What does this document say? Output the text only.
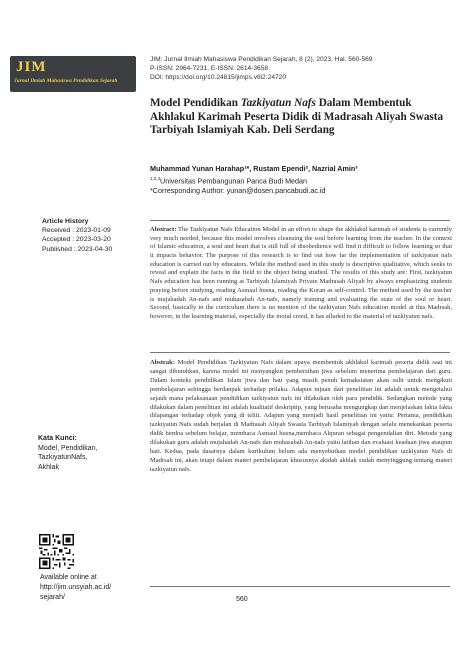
JIM
Jurnal Ilmiah Mahasiswa Pendidikan Sejarah
JIM: Jurnal Ilmiah Mahasiswa Pendidikan Sejarah, 8 (2), 2023, Hal. 560-569
P-ISSN: 2964-7231, E-ISSN: 2614-3658
DOI: https://doi.org/10.24815/jimps.v8i2.24720
Model Pendidikan Tazkiyatun Nafs Dalam Membentuk Akhlakul Karimah Peserta Didik di Madrasah Aliyah Swasta Tarbiyah Islamiyah Kab. Deli Serdang
Muhammad Yunan Harahap¹*, Rustam Ependi², Nazrial Amin³
$^{1,2,3}$Universitas Pembangunan Panca Budi Medan
*Corresponding Author: yunan@dosen.pancabudi.ac.id
Article History
Received : 2023-01-09
Accepted : 2023-03-20
Published : 2023-04-30
Abstract: The Tazkiyatun Nafs Education Model in an effort to shape the akhlakul karimah of students is currently very much needed, because this model involves cleansing the soul before learning from the teacher. In the context of Islamic education, a soul and heart that is still full of disobedience will find it difficult to follow learning so that it impacts behavior. The purpose of this research is to find out how far the implementation of tazkiyatun nafs education is carried out by educators. While the method used in this study is descriptive qualitative, which seeks to reveal and explain the facts in the field to the object being studied. The results of this study are: First, tazkiyatun Nafs education has been running at Tarbiyah Islamiyah Private Madrasah Aliyah by always emphasizing students praying before studying, reading Asmaul husna, reading the Koran as self-control. The method used by the teacher is mujahadah An-nafs and muhasabah An-nafs, namely training and evaluating the state of the soul or heart. Second, basically in the curriculum there is no mention of the tazkiyatun Nafs education model at this Madrsah, however, in the learning material, especially the moral creed, it has alluded to the material of tazkiyatun nafs.
Abstrak: Model Pendidikan Tazkiyatun Nafs dalam upaya membentuk akhlakul karimah peserta didik saat ini sangat dibutuhkan, karena model ini menyangkut pembersihan jiwa sebelum menerima pembelajaran dari guru. Dalam konteks pendidikan Islam jiwa dan hati yang masih penuh kemaksiatan akan sulit untuk mengikuti pembelajaran sehingga berdanpak terhadap prilaku. Adapun tujuan dari penelitian ini adalah untuk mengetahui sejauh mana pelaksanaan pendidikan tazkiyatun nafs ini dilakukan oleh para pendidik. Sedangkan metode yang dilakukan dalam penelitian ini adalah kualitatif deskriptip, yang berusaha mengungkap dan menjelaskan fakta fakta dilapangan terhadap objek yang di teliti. Adapun yang menjadi hasil penelitian ini yaitu: Pertama, pendidikan tazkiyatun Nafs sudah berjalan di Madrasah Aliyah Swasta Tarbiyah Islamiyah dengan selalu menekankan peserta didik berdoa sebelum belajar, membaca Asmaul husna,membaca Alquran sebagai pengendalian diri. Metode yang dilakukan guru adalah mujahadah An-nafs dan muhasabah An-nafs yaitu latihan dan evaluasi keadaan jiwa ataupun hati. Kedua, pada dasarnya dalam kurikulum belum ada menyebutkan model pendidikan tazkiyatun Nafs di Madrsah ini, akan tetapi dalam materi pembelajaran khususnya akidah akhlak sudah menyinggung tentang materi tazkiyatun nafs.
Kata Kunci:
Model, Pendidikan,
TazkiyatunNafs,
Akhlak
Available online at
http://jim.unsyiah.ac.id/
sejarah/	560
